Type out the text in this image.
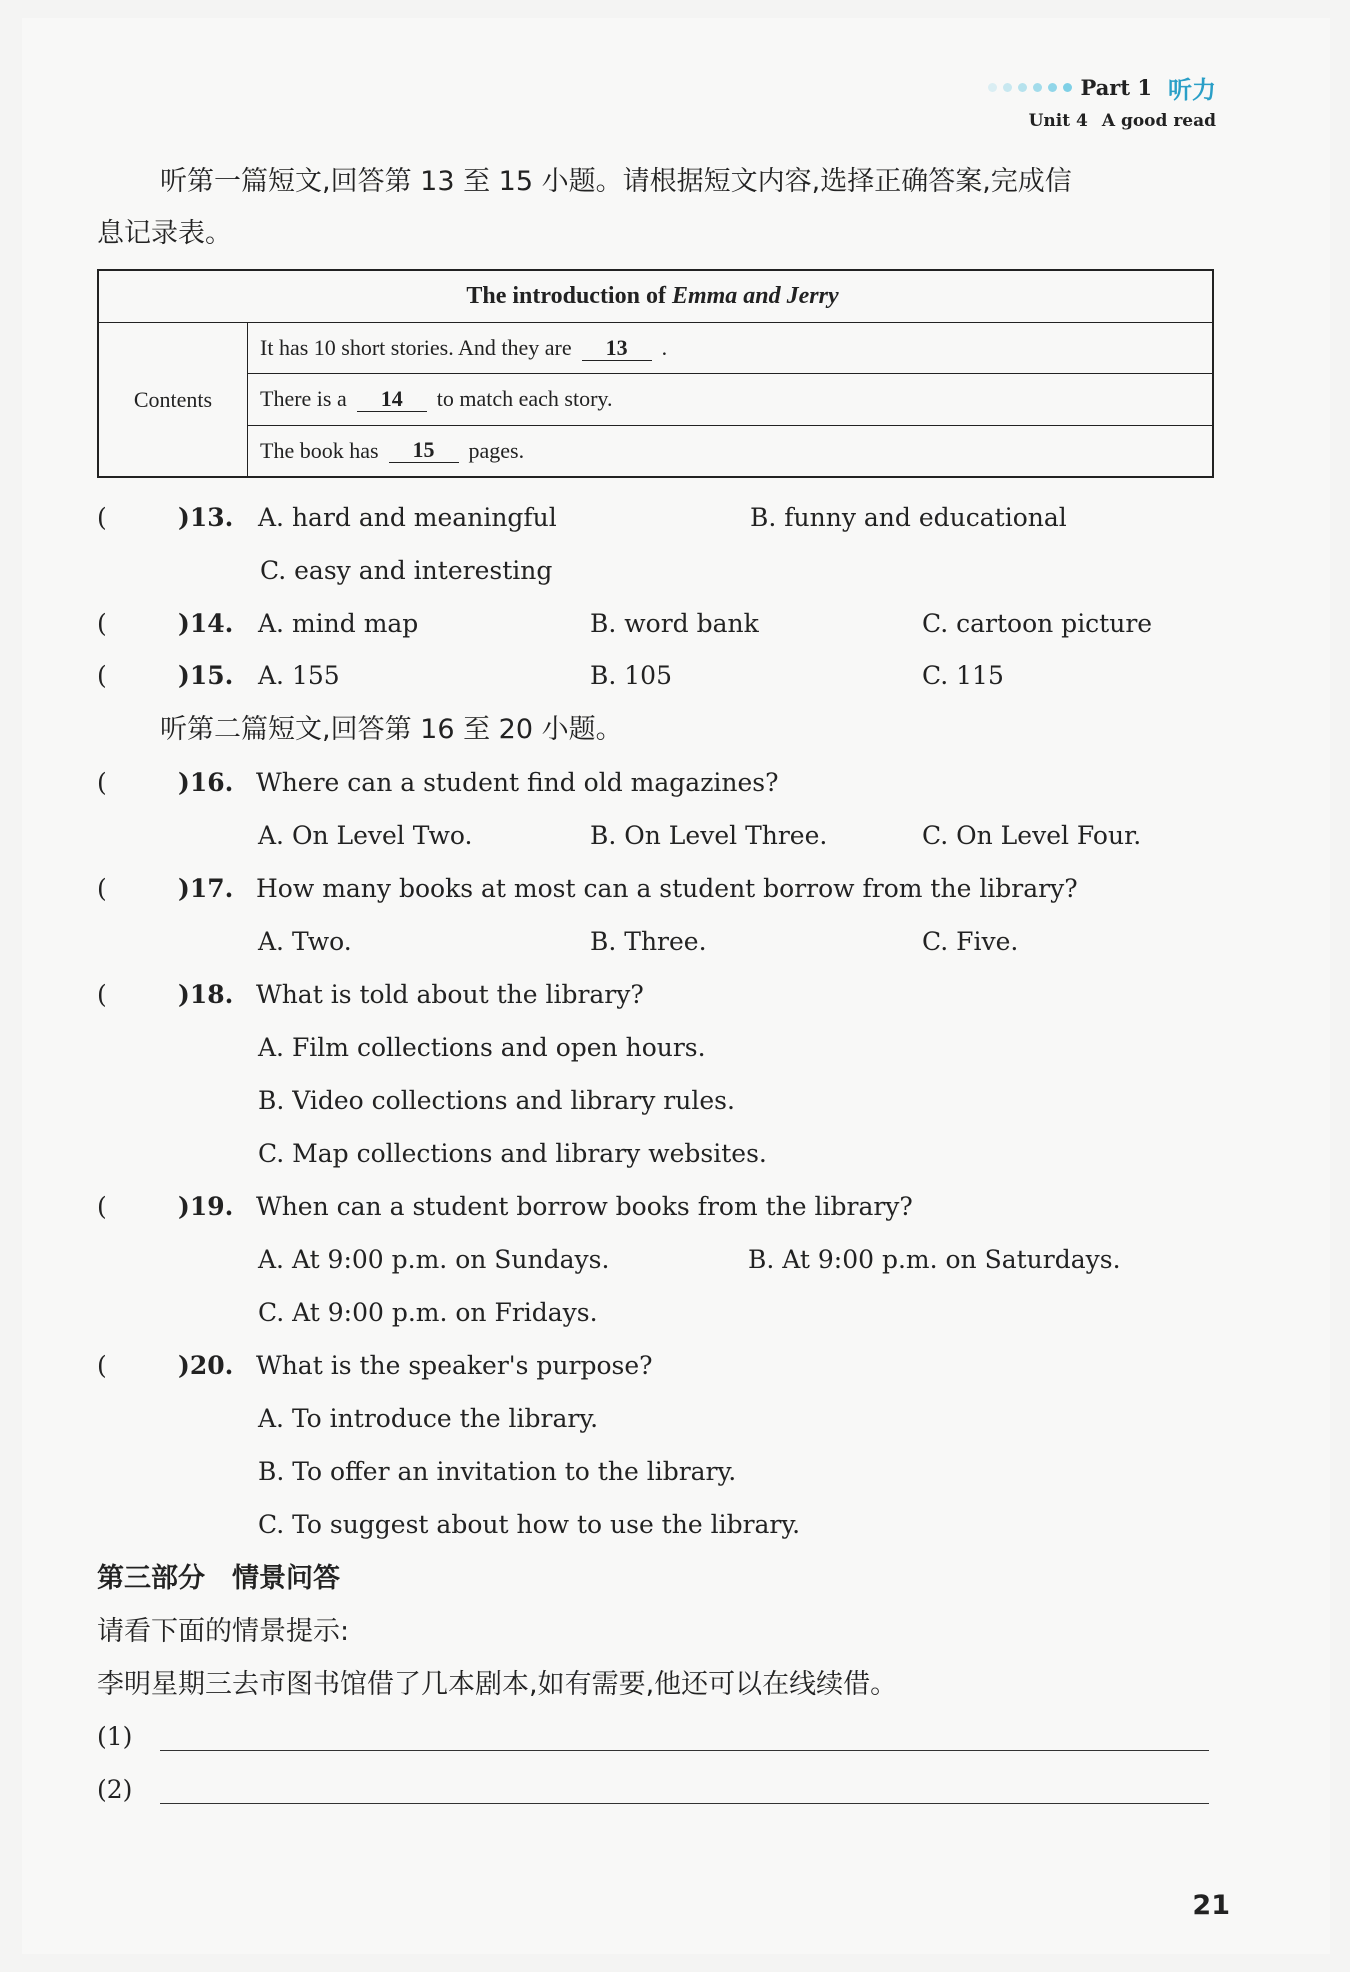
Part 1 听力
Unit 4 A good read
听第一篇短文,回答第 13 至 15 小题。请根据短文内容,选择正确答案,完成信
息记录表。
The introduction of Emma and Jerry
Contents
It has 10 short stories. And they are	13	.
There is a	14	to match each story.
The book has	15	pages.
(	)13. A. hard and meaningful	B. funny and educational
C. easy and interesting
(	)14. A. mind map	B. word bank	C. cartoon picture
(	)15. A. 155	B. 105	C. 115
听第二篇短文,回答第 16 至 20 小题。
(	)16. Where can a student find old magazines?
A. On Level Two.	B. On Level Three.	C. On Level Four.
(	)17. How many books at most can a student borrow from the library?
A. Two.	B. Three.	C. Five.
(	)18. What is told about the library?
A. Film collections and open hours.
B. Video collections and library rules.
C. Map collections and library websites.
(	)19. When can a student borrow books from the library?
A. At 9:00 p.m. on Sundays.	B. At 9:00 p.m. on Saturdays.
C. At 9:00 p.m. on Fridays.
(	)20. What is the speaker's purpose?
A. To introduce the library.
B. To offer an invitation to the library.
C. To suggest about how to use the library.
第三部分　情景问答
请看下面的情景提示:
李明星期三去市图书馆借了几本剧本,如有需要,他还可以在线续借。
(1)
(2)
21
